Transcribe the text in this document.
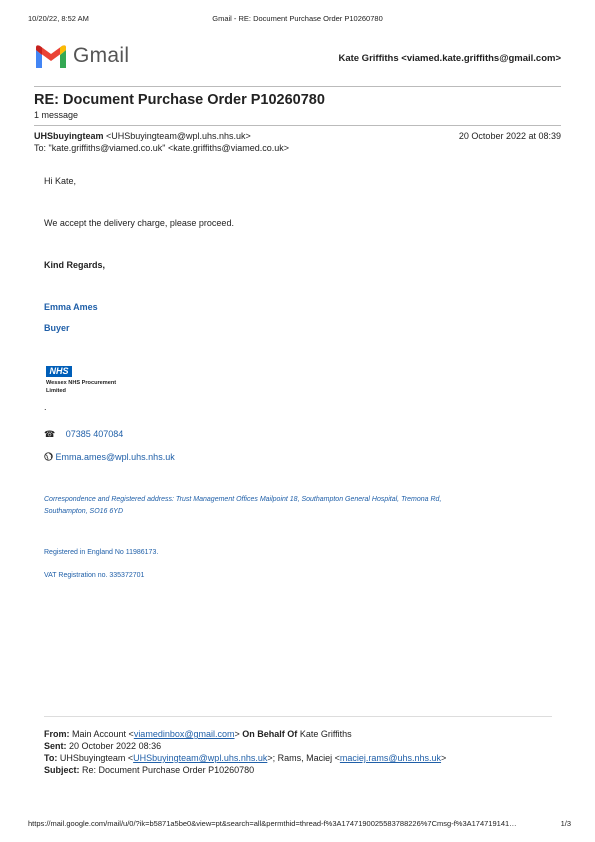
10/20/22, 8:52 AM	Gmail - RE: Document Purchase Order P10260780
Gmail	Kate Griffiths <viamed.kate.griffiths@gmail.com>
RE: Document Purchase Order P10260780
1 message
UHSbuyingteam <UHSbuyingteam@wpl.uhs.nhs.uk>	20 October 2022 at 08:39
To: "kate.griffiths@viamed.co.uk" <kate.griffiths@viamed.co.uk>
Hi Kate,
We accept the delivery charge, please proceed.
Kind Regards,
Emma Ames
Buyer
NHS
Wessex NHS Procurement Limited
.
☎ 07385 407084
Emma.ames@wpl.uhs.nhs.uk
Correspondence and Registered address: Trust Management Offices Mailpoint 18, Southampton General Hospital, Tremona Rd,
Southampton, SO16 6YD
Registered in England No 11986173.
VAT Registration no. 335372701
From: Main Account <viamedinbox@gmail.com> On Behalf Of Kate Griffiths
Sent: 20 October 2022 08:36
To: UHSbuyingteam <UHSbuyingteam@wpl.uhs.nhs.uk>; Rams, Maciej <maciej.rams@uhs.nhs.uk>
Subject: Re: Document Purchase Order P10260780
https://mail.google.com/mail/u/0/?ik=b5871a5be0&view=pt&search=all&permthid=thread-f%3A1747190025583788226%7Cmsg-f%3A174719141…	1/3
